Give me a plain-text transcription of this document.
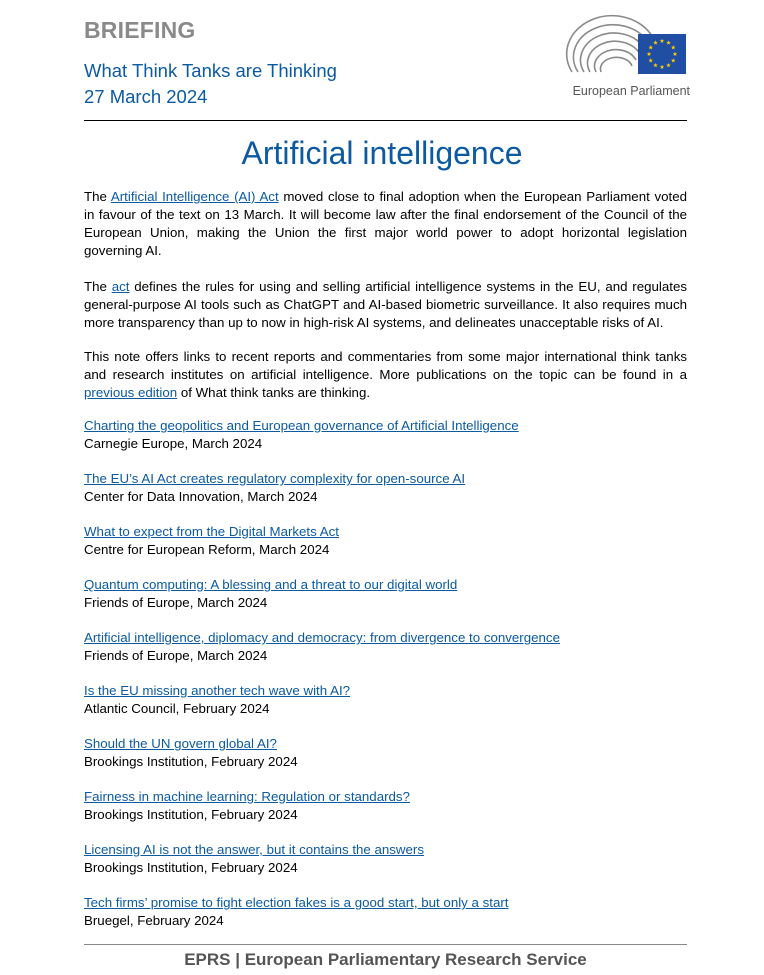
BRIEFING
What Think Tanks are Thinking
27 March 2024	European Parliament
Artificial intelligence
The Artificial Intelligence (AI) Act moved close to final adoption when the European Parliament voted in favour of the text on 13 March. It will become law after the final endorsement of the Council of the European Union, making the Union the first major world power to adopt horizontal legislation governing AI.
The act defines the rules for using and selling artificial intelligence systems in the EU, and regulates general-purpose AI tools such as ChatGPT and AI-based biometric surveillance. It also requires much more transparency than up to now in high-risk AI systems, and delineates unacceptable risks of AI.
This note offers links to recent reports and commentaries from some major international think tanks and research institutes on artificial intelligence. More publications on the topic can be found in a previous edition of What think tanks are thinking.
Charting the geopolitics and European governance of Artificial Intelligence
Carnegie Europe, March 2024
The EU’s AI Act creates regulatory complexity for open-source AI
Center for Data Innovation, March 2024
What to expect from the Digital Markets Act
Centre for European Reform, March 2024
Quantum computing: A blessing and a threat to our digital world
Friends of Europe, March 2024
Artificial intelligence, diplomacy and democracy: from divergence to convergence
Friends of Europe, March 2024
Is the EU missing another tech wave with AI?
Atlantic Council, February 2024
Should the UN govern global AI?
Brookings Institution, February 2024
Fairness in machine learning: Regulation or standards?
Brookings Institution, February 2024
Licensing AI is not the answer, but it contains the answers
Brookings Institution, February 2024
Tech firms’ promise to fight election fakes is a good start, but only a start
Bruegel, February 2024
EPRS | European Parliamentary Research Service
